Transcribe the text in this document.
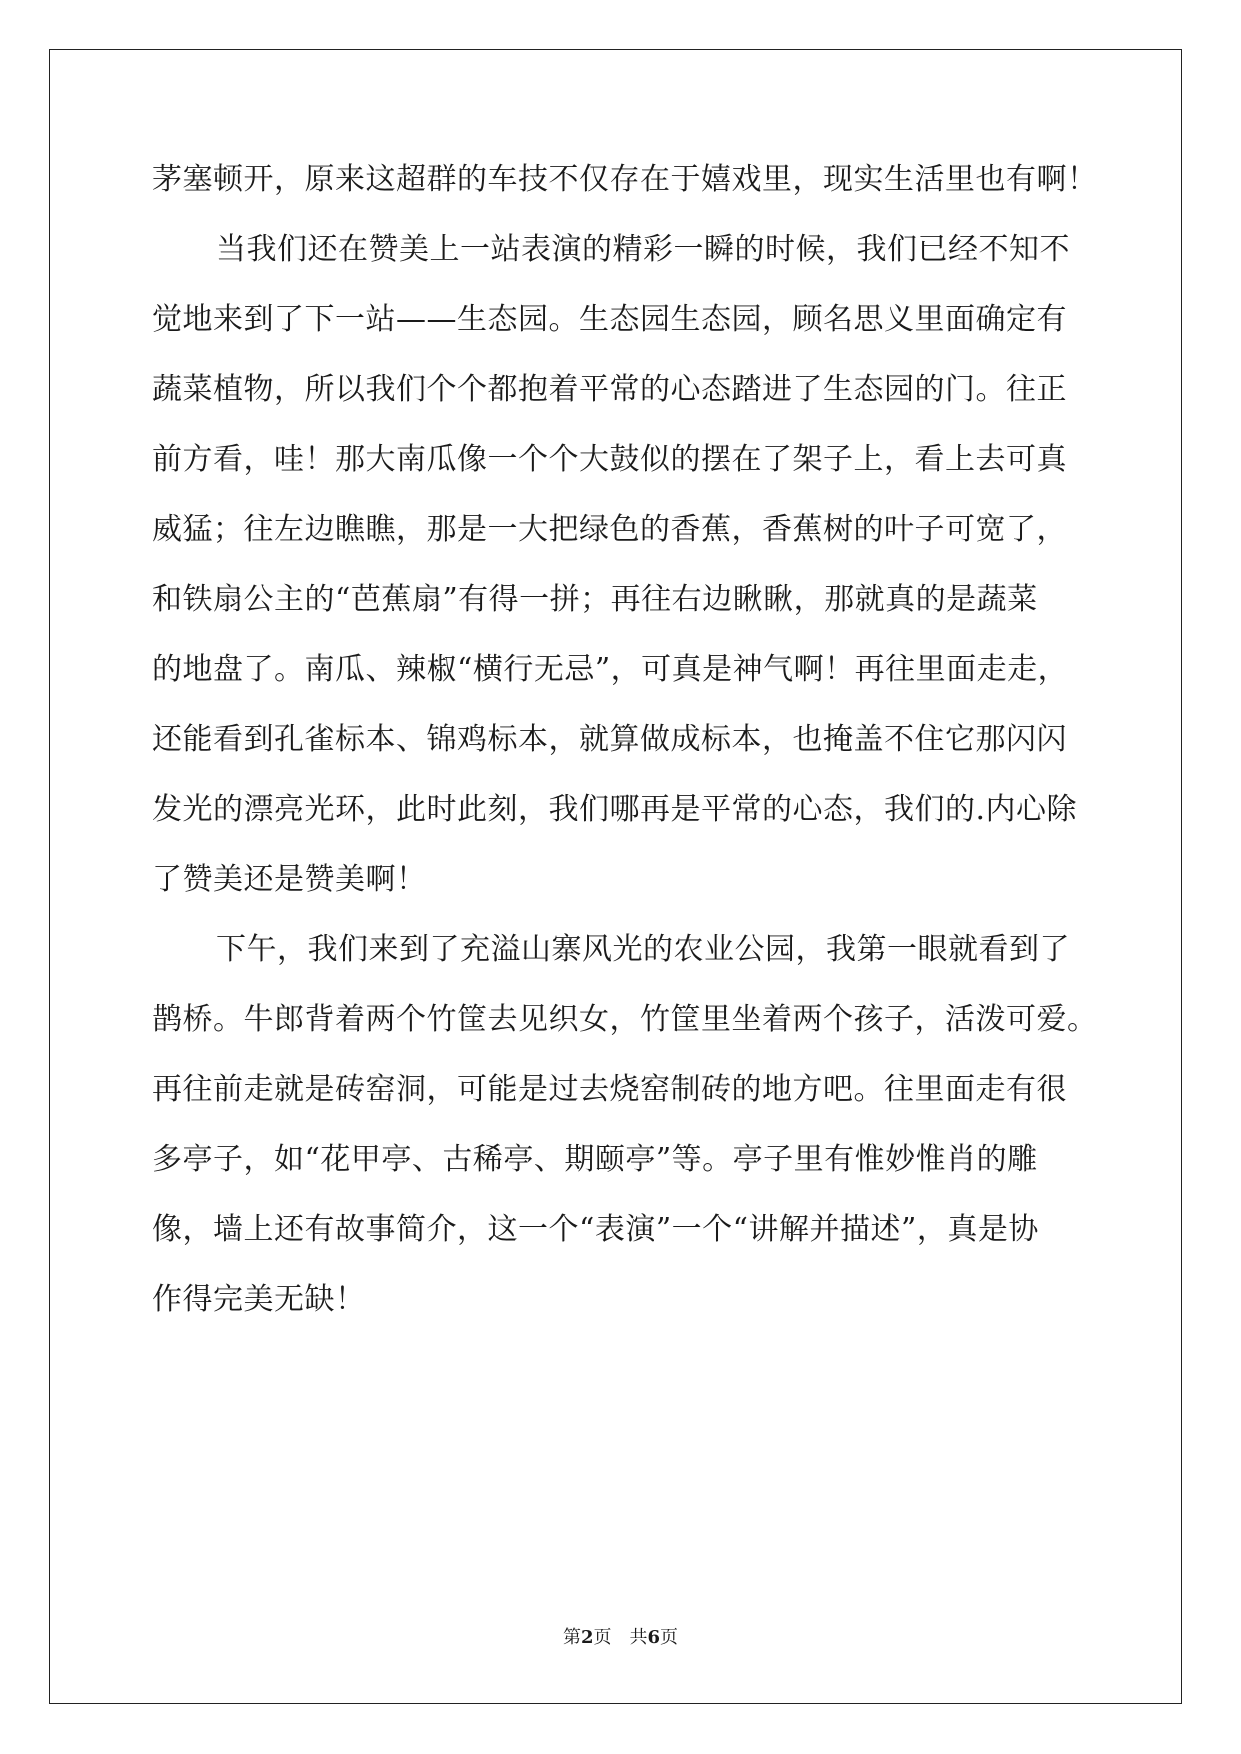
茅塞顿开，原来这超群的车技不仅存在于嬉戏里，现实生活里也有啊！
当我们还在赞美上一站表演的精彩一瞬的时候，我们已经不知不
觉地来到了下一站——生态园。生态园生态园，顾名思义里面确定有
蔬菜植物，所以我们个个都抱着平常的心态踏进了生态园的门。往正
前方看，哇！那大南瓜像一个个大鼓似的摆在了架子上，看上去可真
威猛；往左边瞧瞧，那是一大把绿色的香蕉，香蕉树的叶子可宽了，
和铁扇公主的“芭蕉扇”有得一拼；再往右边瞅瞅，那就真的是蔬菜
的地盘了。南瓜、辣椒“横行无忌”，可真是神气啊！再往里面走走，
还能看到孔雀标本、锦鸡标本，就算做成标本，也掩盖不住它那闪闪
发光的漂亮光环，此时此刻，我们哪再是平常的心态，我们的.内心除
了赞美还是赞美啊！
下午，我们来到了充溢山寨风光的农业公园，我第一眼就看到了
鹊桥。牛郎背着两个竹筐去见织女，竹筐里坐着两个孩子，活泼可爱。
再往前走就是砖窑洞，可能是过去烧窑制砖的地方吧。往里面走有很
多亭子，如“花甲亭、古稀亭、期颐亭”等。亭子里有惟妙惟肖的雕
像，墙上还有故事简介，这一个“表演”一个“讲解并描述”，真是协
作得完美无缺！
第2页 共6页
